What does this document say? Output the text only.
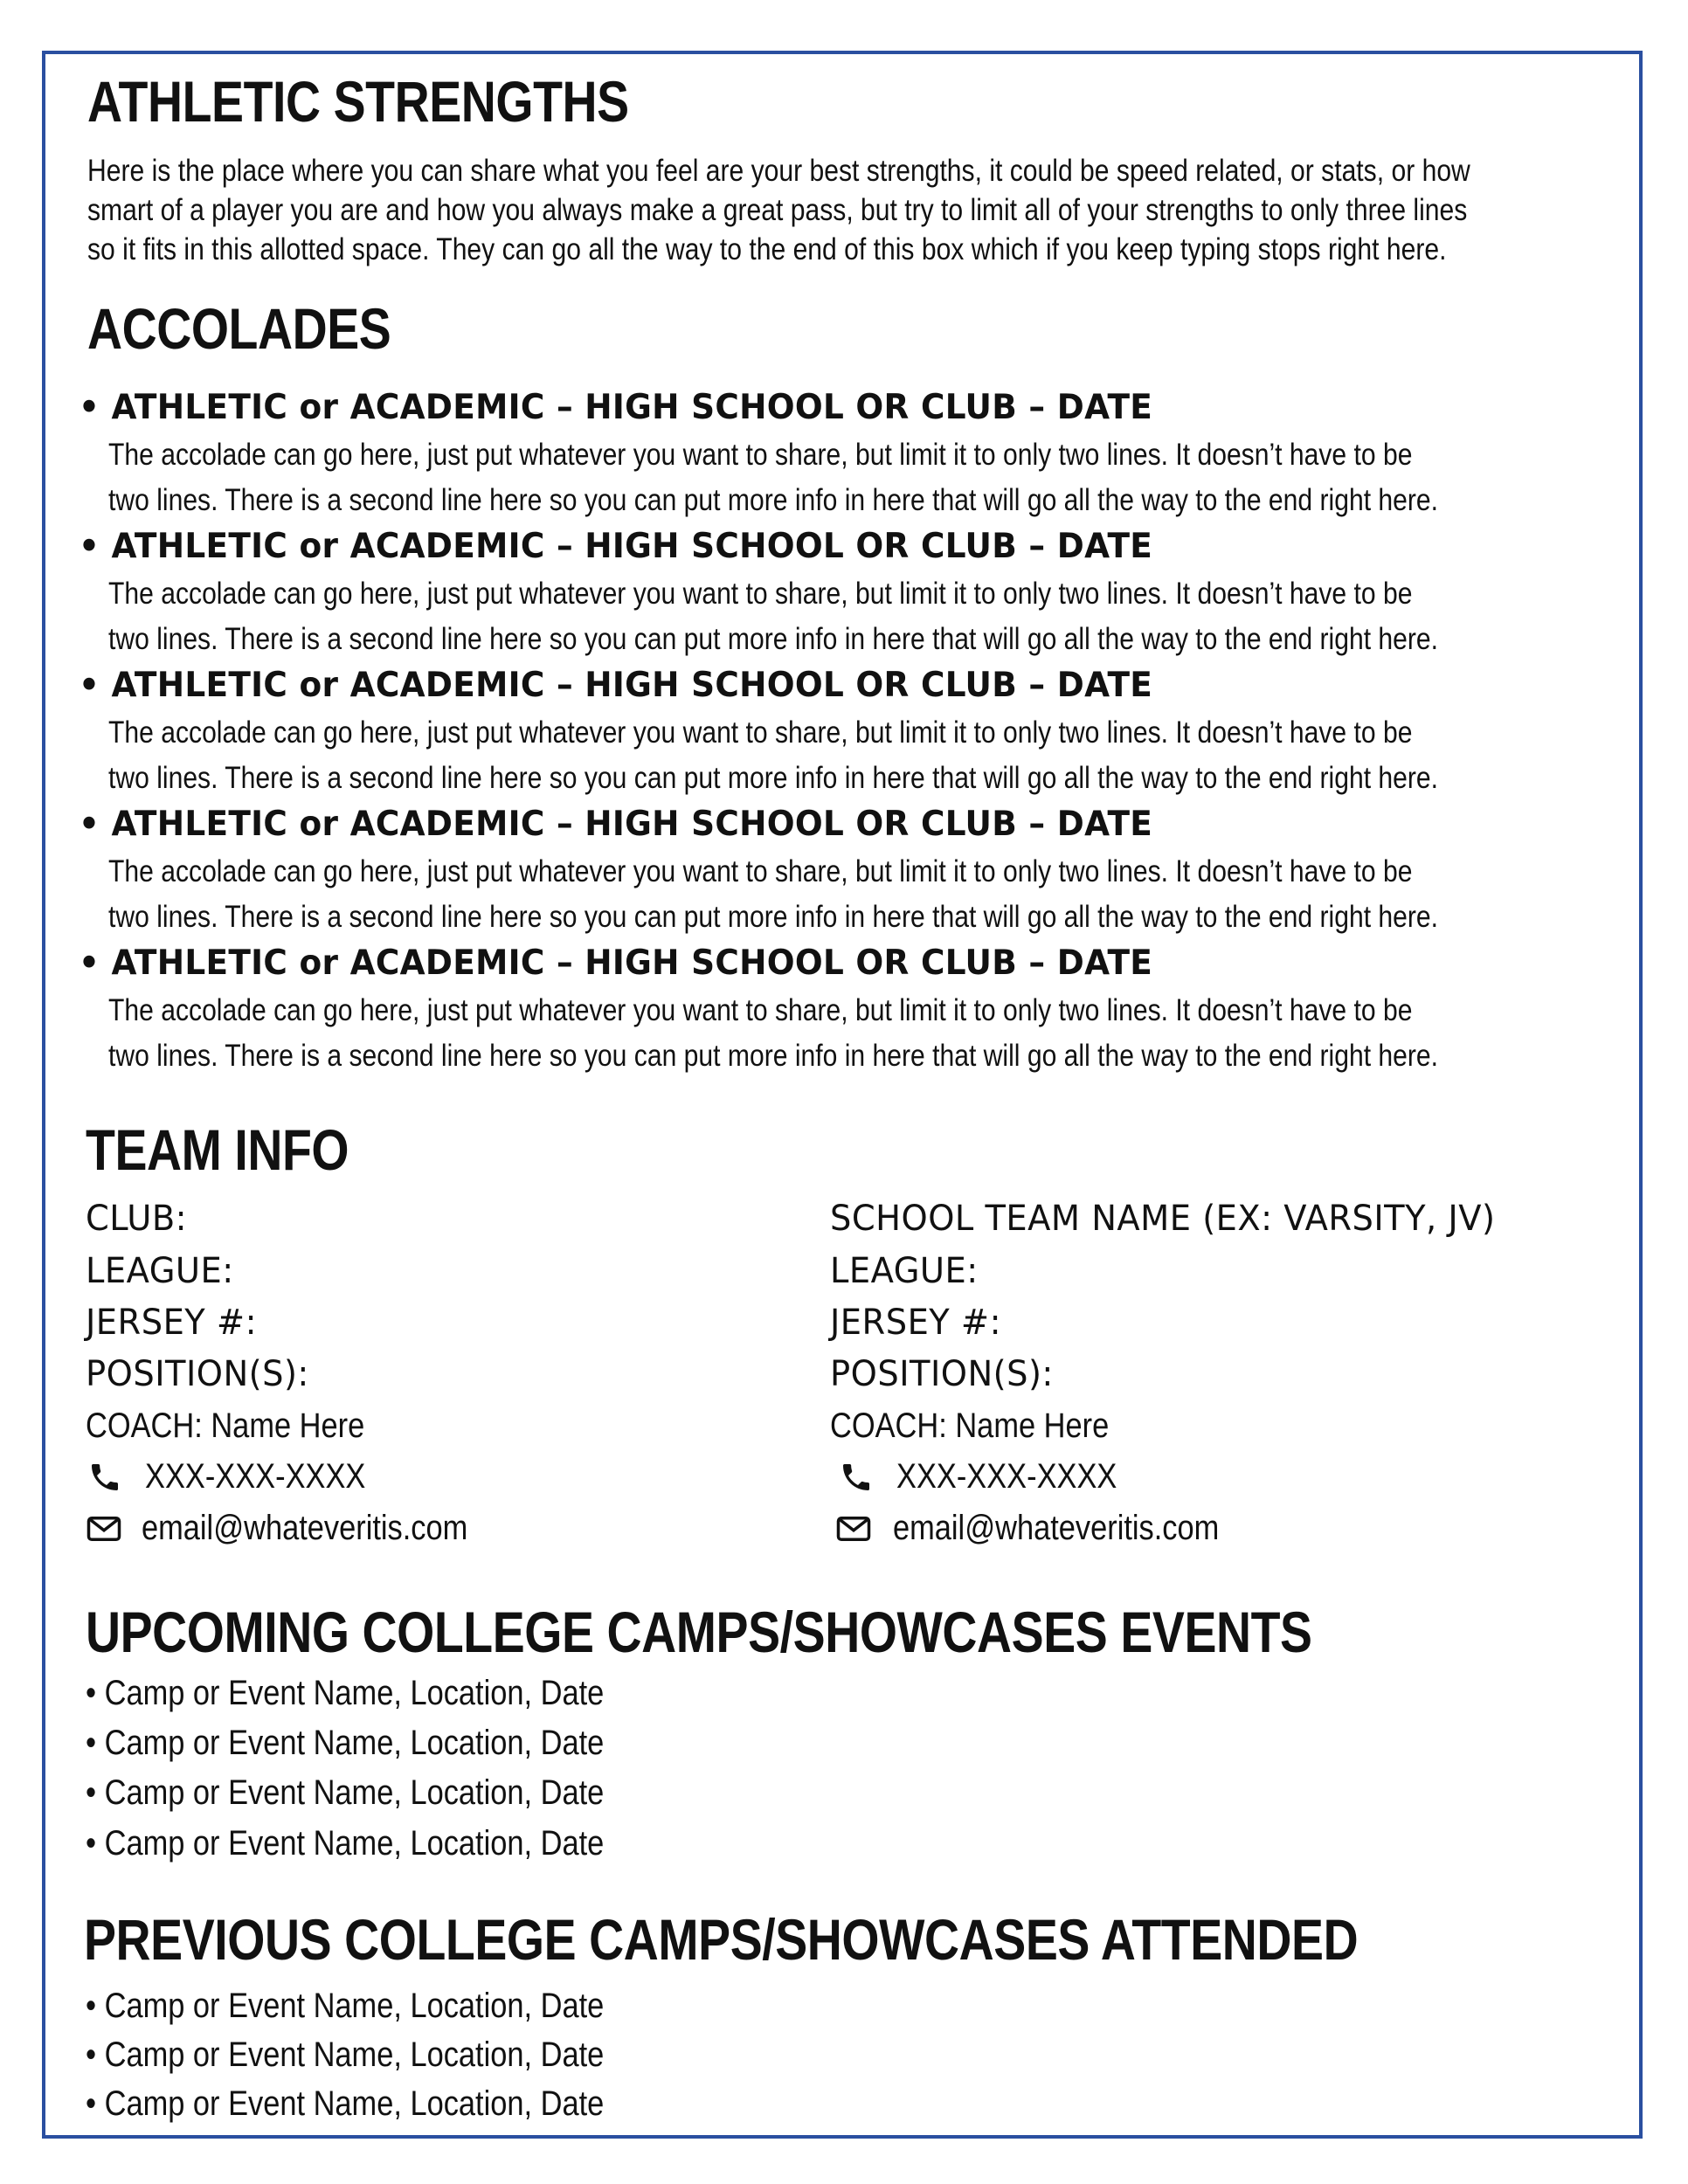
ATHLETIC STRENGTHS
Here is the place where you can share what you feel are your best strengths, it could be speed related, or stats, or how
smart of a player you are and how you always make a great pass, but try to limit all of your strengths to only three lines
so it fits in this allotted space. They can go all the way to the end of this box which if you keep typing stops right here.
ACCOLADES
• ATHLETIC or ACADEMIC – HIGH SCHOOL OR CLUB – DATE
The accolade can go here, just put whatever you want to share, but limit it to only two lines. It doesn’t have to be
two lines. There is a second line here so you can put more info in here that will go all the way to the end right here.
• ATHLETIC or ACADEMIC – HIGH SCHOOL OR CLUB – DATE
The accolade can go here, just put whatever you want to share, but limit it to only two lines. It doesn’t have to be
two lines. There is a second line here so you can put more info in here that will go all the way to the end right here.
• ATHLETIC or ACADEMIC – HIGH SCHOOL OR CLUB – DATE
The accolade can go here, just put whatever you want to share, but limit it to only two lines. It doesn’t have to be
two lines. There is a second line here so you can put more info in here that will go all the way to the end right here.
• ATHLETIC or ACADEMIC – HIGH SCHOOL OR CLUB – DATE
The accolade can go here, just put whatever you want to share, but limit it to only two lines. It doesn’t have to be
two lines. There is a second line here so you can put more info in here that will go all the way to the end right here.
• ATHLETIC or ACADEMIC – HIGH SCHOOL OR CLUB – DATE
The accolade can go here, just put whatever you want to share, but limit it to only two lines. It doesn’t have to be
two lines. There is a second line here so you can put more info in here that will go all the way to the end right here.
TEAM INFO
CLUB:
LEAGUE:
JERSEY #:
POSITION(S):
COACH: Name Here
XXX-XXX-XXXX
email@whateveritis.com
SCHOOL TEAM NAME (EX: VARSITY, JV)
LEAGUE:
JERSEY #:
POSITION(S):
COACH: Name Here
XXX-XXX-XXXX
email@whateveritis.com
UPCOMING COLLEGE CAMPS/SHOWCASES EVENTS
• Camp or Event Name, Location, Date
• Camp or Event Name, Location, Date
• Camp or Event Name, Location, Date
• Camp or Event Name, Location, Date
PREVIOUS COLLEGE CAMPS/SHOWCASES ATTENDED
• Camp or Event Name, Location, Date
• Camp or Event Name, Location, Date
• Camp or Event Name, Location, Date
